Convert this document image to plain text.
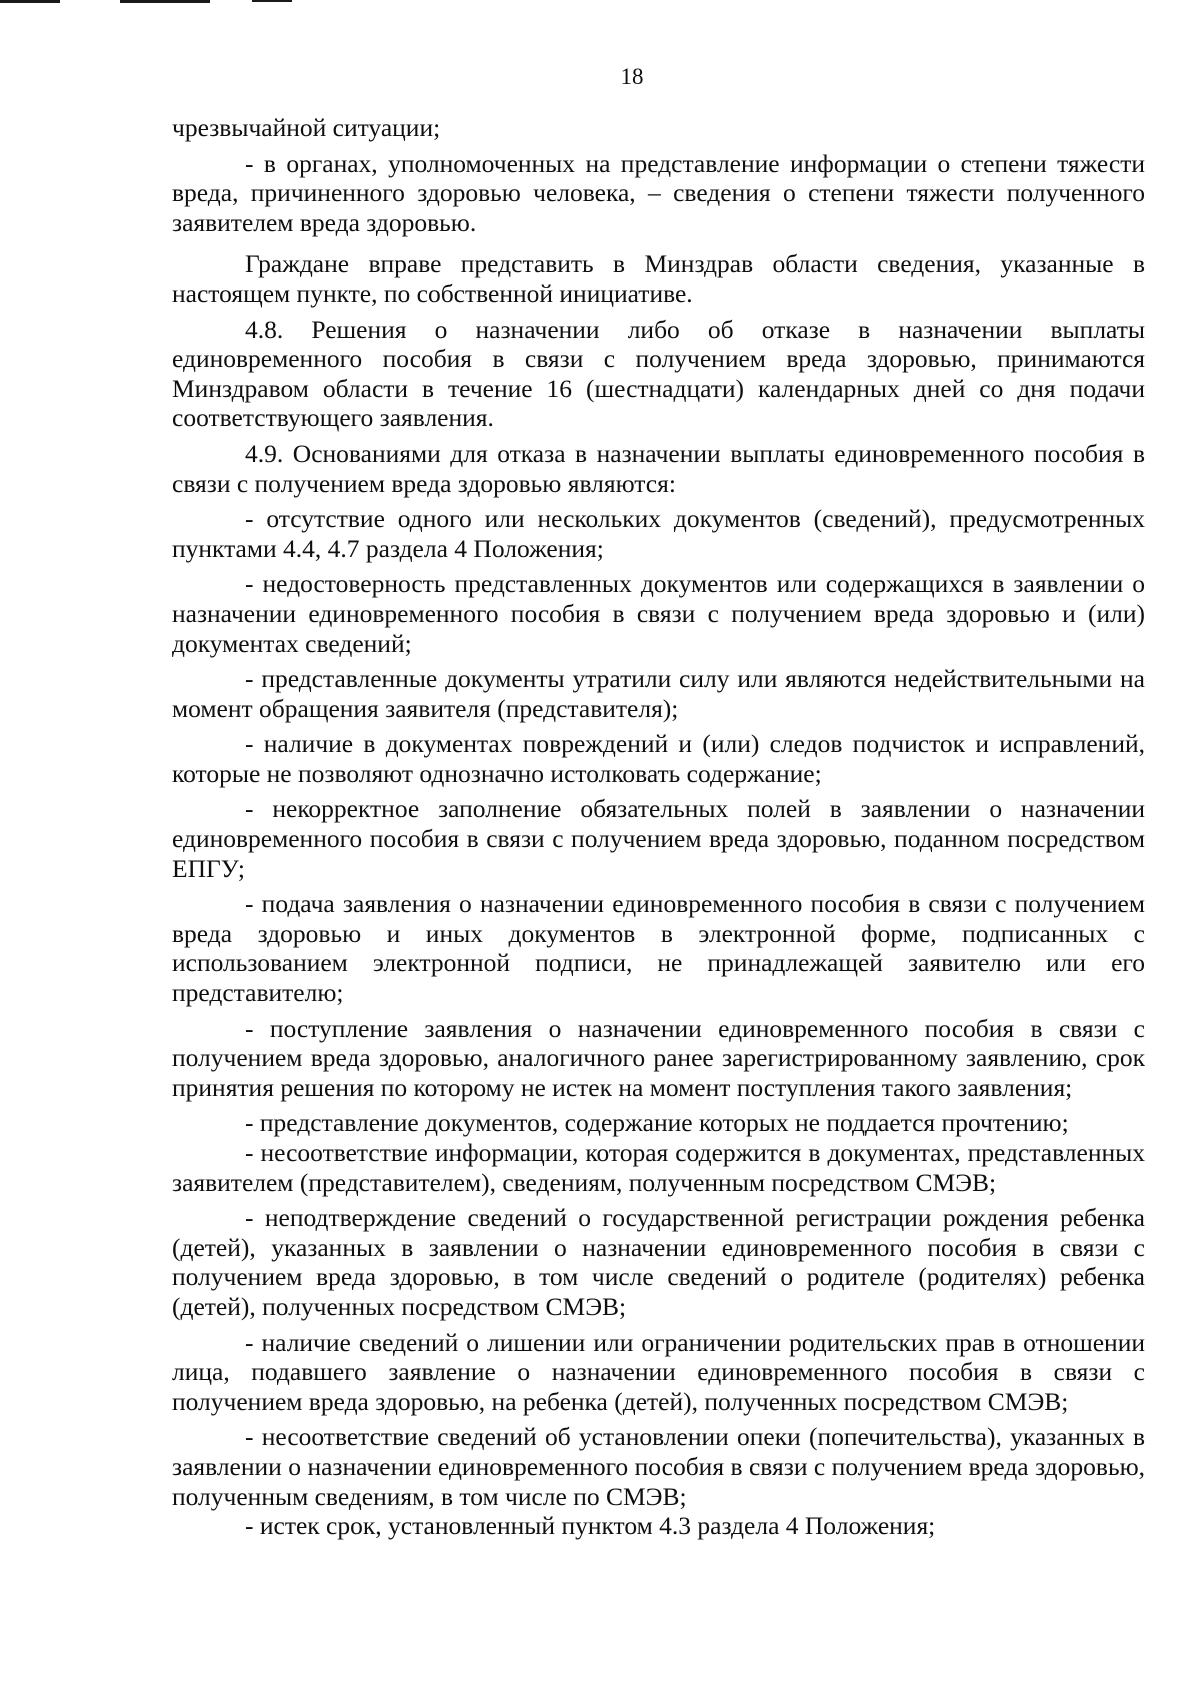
18

чрезвычайной ситуации;

- в органах, уполномоченных на представление информации о степени тяжести вреда, причиненного здоровью человека, – сведения о степени тяжести полученного заявителем вреда здоровью.

Граждане вправе представить в Минздрав области сведения, указанные в настоящем пункте, по собственной инициативе.

4.8. Решения о назначении либо об отказе в назначении выплаты единовременного пособия в связи с получением вреда здоровью, принимаются Минздравом области в течение 16 (шестнадцати) календарных дней со дня подачи соответствующего заявления.

4.9. Основаниями для отказа в назначении выплаты единовременного пособия в связи с получением вреда здоровью являются:

- отсутствие одного или нескольких документов (сведений), предусмотренных пунктами 4.4, 4.7 раздела 4 Положения;

- недостоверность представленных документов или содержащихся в заявлении о назначении единовременного пособия в связи с получением вреда здоровью и (или) документах сведений;

- представленные документы утратили силу или являются недействительными на момент обращения заявителя (представителя);

- наличие в документах повреждений и (или) следов подчисток и исправлений, которые не позволяют однозначно истолковать содержание;

- некорректное заполнение обязательных полей в заявлении о назначении единовременного пособия в связи с получением вреда здоровью, поданном посредством ЕПГУ;

- подача заявления о назначении единовременного пособия в связи с получением вреда здоровью и иных документов в электронной форме, подписанных с использованием электронной подписи, не принадлежащей заявителю или его представителю;

- поступление заявления о назначении единовременного пособия в связи с получением вреда здоровью, аналогичного ранее зарегистрированному заявлению, срок принятия решения по которому не истек на момент поступления такого заявления;

- представление документов, содержание которых не поддается прочтению;

- несоответствие информации, которая содержится в документах, представленных заявителем (представителем), сведениям, полученным посредством СМЭВ;

- неподтверждение сведений о государственной регистрации рождения ребенка (детей), указанных в заявлении о назначении единовременного пособия в связи с получением вреда здоровью, в том числе сведений о родителе (родителях) ребенка (детей), полученных посредством СМЭВ;

- наличие сведений о лишении или ограничении родительских прав в отношении лица, подавшего заявление о назначении единовременного пособия в связи с получением вреда здоровью, на ребенка (детей), полученных посредством СМЭВ;

- несоответствие сведений об установлении опеки (попечительства), указанных в заявлении о назначении единовременного пособия в связи с получением вреда здоровью, полученным сведениям, в том числе по СМЭВ;

- истек срок, установленный пунктом 4.3 раздела 4 Положения;
